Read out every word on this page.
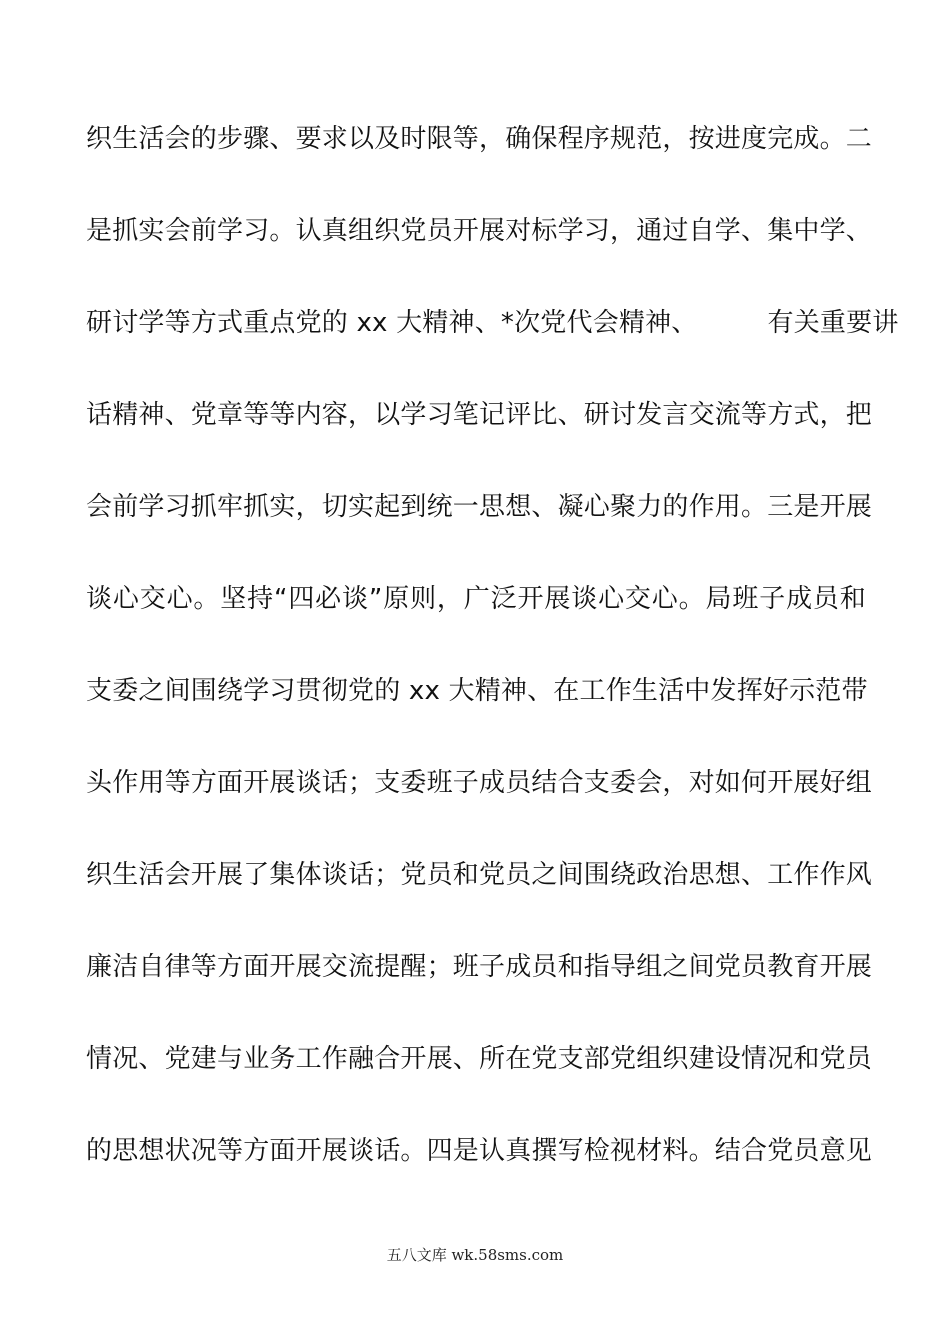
织生活会的步骤、要求以及时限等，确保程序规范，按进度完成。二
是抓实会前学习。认真组织党员开展对标学习，通过自学、集中学、
研讨学等方式重点党的 xx 大精神、*次党代会精神、	有关重要讲
话精神、党章等等内容，以学习笔记评比、研讨发言交流等方式，把
会前学习抓牢抓实，切实起到统一思想、凝心聚力的作用。三是开展
谈心交心。坚持“四必谈”原则，广泛开展谈心交心。局班子成员和
支委之间围绕学习贯彻党的 xx 大精神、在工作生活中发挥好示范带
头作用等方面开展谈话；支委班子成员结合支委会，对如何开展好组
织生活会开展了集体谈话；党员和党员之间围绕政治思想、工作作风
廉洁自律等方面开展交流提醒；班子成员和指导组之间党员教育开展
情况、党建与业务工作融合开展、所在党支部党组织建设情况和党员
的思想状况等方面开展谈话。四是认真撰写检视材料。结合党员意见
五八文库 wk.58sms.com
